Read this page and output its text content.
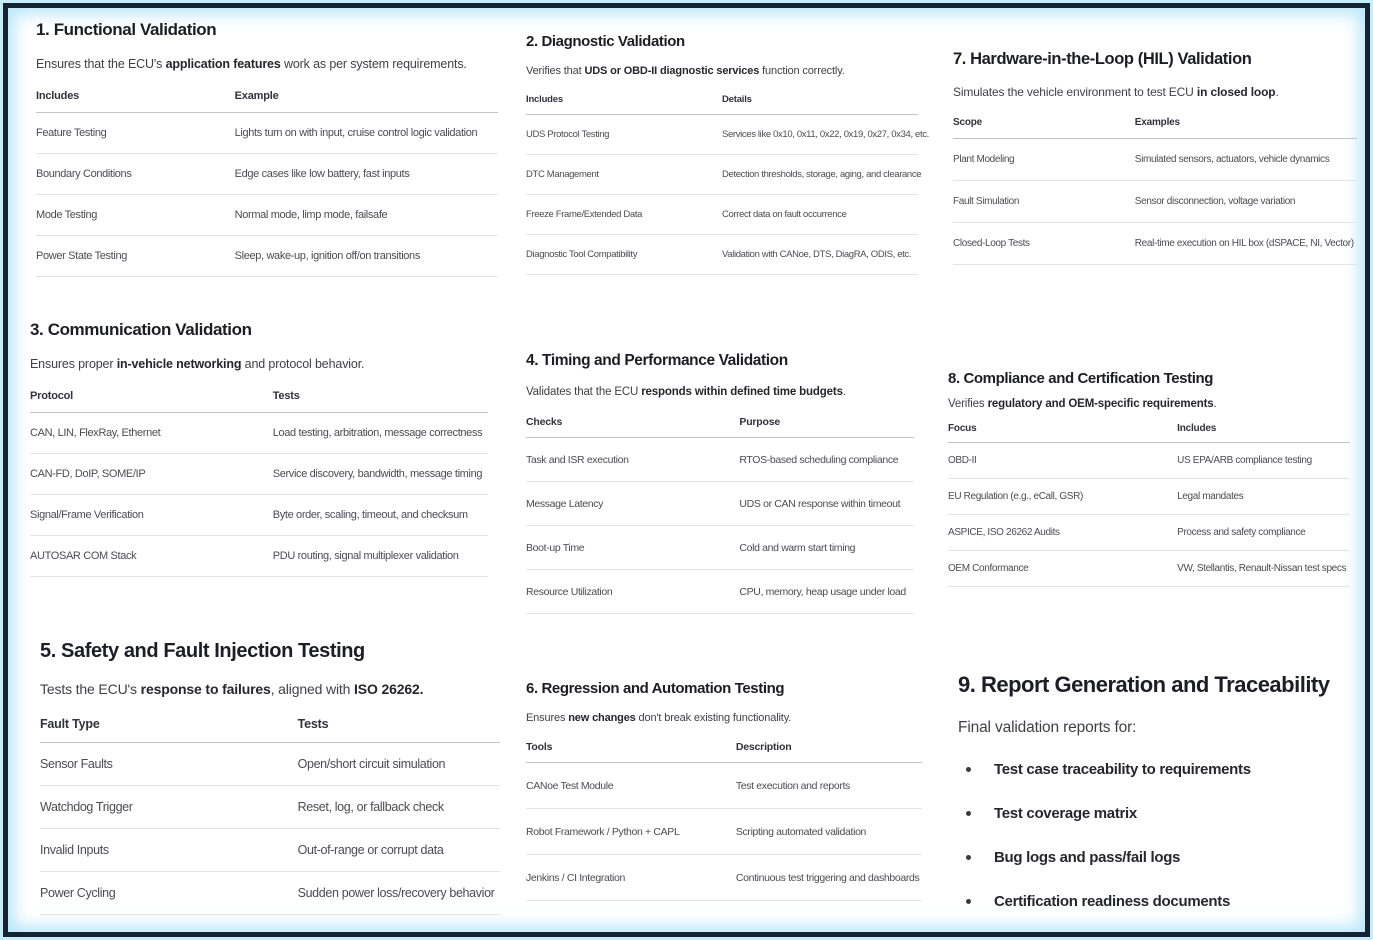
1. Functional Validation

Ensures that the ECU's application features work as per system requirements.

Includes	Example
Feature Testing	Lights turn on with input, cruise control logic validation
Boundary Conditions	Edge cases like low battery, fast inputs
Mode Testing	Normal mode, limp mode, failsafe
Power State Testing	Sleep, wake-up, ignition off/on transitions
2. Diagnostic Validation

Verifies that UDS or OBD-II diagnostic services function correctly.

Includes	Details
UDS Protocol Testing	Services like 0x10, 0x11, 0x22, 0x19, 0x27, 0x34, etc.
DTC Management	Detection thresholds, storage, aging, and clearance
Freeze Frame/Extended Data	Correct data on fault occurrence
Diagnostic Tool Compatibility	Validation with CANoe, DTS, DiagRA, ODIS, etc.
3. Communication Validation

Ensures proper in-vehicle networking and protocol behavior.

Protocol	Tests
CAN, LIN, FlexRay, Ethernet	Load testing, arbitration, message correctness
CAN-FD, DoIP, SOME/IP	Service discovery, bandwidth, message timing
Signal/Frame Verification	Byte order, scaling, timeout, and checksum
AUTOSAR COM Stack	PDU routing, signal multiplexer validation
4. Timing and Performance Validation

Validates that the ECU responds within defined time budgets.

Checks	Purpose
Task and ISR execution	RTOS-based scheduling compliance
Message Latency	UDS or CAN response within timeout
Boot-up Time	Cold and warm start timing
Resource Utilization	CPU, memory, heap usage under load
5. Safety and Fault Injection Testing

Tests the ECU's response to failures, aligned with ISO 26262.

Fault Type	Tests
Sensor Faults	Open/short circuit simulation
Watchdog Trigger	Reset, log, or fallback check
Invalid Inputs	Out-of-range or corrupt data
Power Cycling	Sudden power loss/recovery behavior
6. Regression and Automation Testing

Ensures new changes don't break existing functionality.

Tools	Description
CANoe Test Module	Test execution and reports
Robot Framework / Python + CAPL	Scripting automated validation
Jenkins / CI Integration	Continuous test triggering and dashboards
7. Hardware-in-the-Loop (HIL) Validation

Simulates the vehicle environment to test ECU in closed loop.

Scope	Examples
Plant Modeling	Simulated sensors, actuators, vehicle dynamics
Fault Simulation	Sensor disconnection, voltage variation
Closed-Loop Tests	Real-time execution on HIL box (dSPACE, NI, Vector)
8. Compliance and Certification Testing

Verifies regulatory and OEM-specific requirements.

Focus	Includes
OBD-II	US EPA/ARB compliance testing
EU Regulation (e.g., eCall, GSR)	Legal mandates
ASPICE, ISO 26262 Audits	Process and safety compliance
OEM Conformance	VW, Stellantis, Renault-Nissan test specs
9. Report Generation and Traceability

Final validation reports for:

Test case traceability to requirements
Test coverage matrix
Bug logs and pass/fail logs
Certification readiness documents
